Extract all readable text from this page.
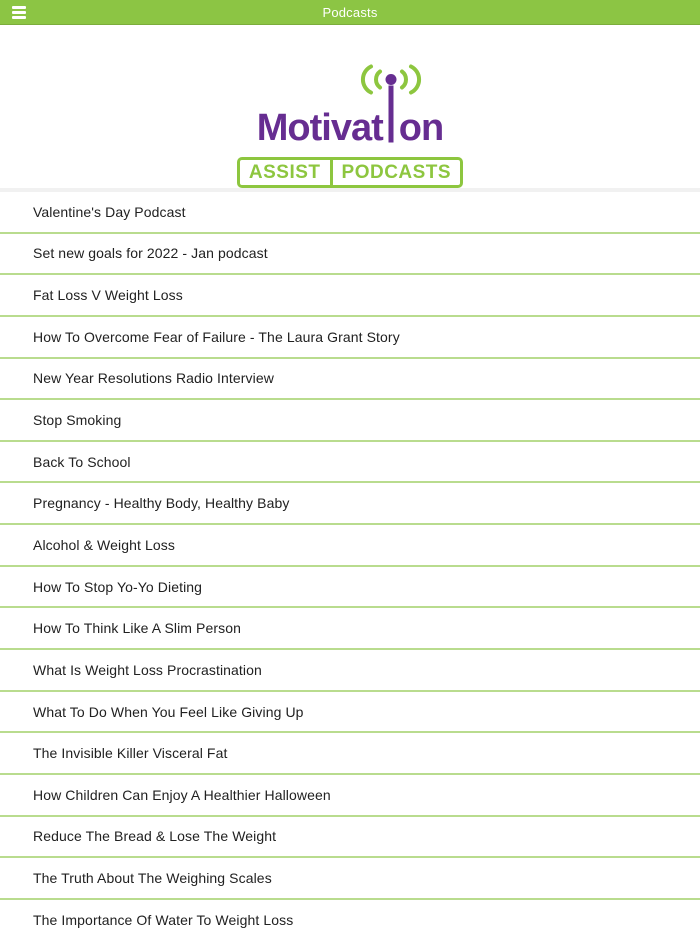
Podcasts
Motivat on
ASSIST	PODCASTS
Valentine's Day Podcast
Set new goals for 2022 - Jan podcast
Fat Loss V Weight Loss
How To Overcome Fear of Failure - The Laura Grant Story
New Year Resolutions Radio Interview
Stop Smoking
Back To School
Pregnancy - Healthy Body, Healthy Baby
Alcohol & Weight Loss
How To Stop Yo-Yo Dieting
How To Think Like A Slim Person
What Is Weight Loss Procrastination
What To Do When You Feel Like Giving Up
The Invisible Killer Visceral Fat
How Children Can Enjoy A Healthier Halloween
Reduce The Bread & Lose The Weight
The Truth About The Weighing Scales
The Importance Of Water To Weight Loss
